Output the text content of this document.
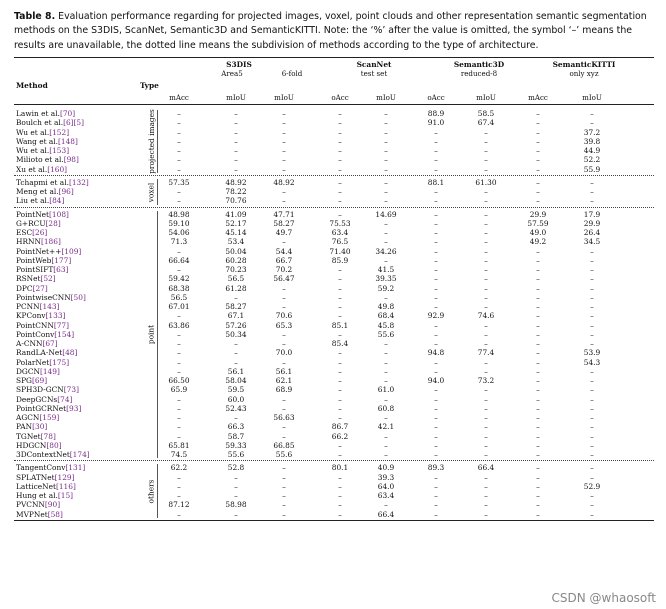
Table 8. Evaluation performance regarding for projected images, voxel, point clouds and other representation semantic segmentation methods on the S3DIS, ScanNet, Semantic3D and SemanticKITTI. Note: the ‘%’ after the value is omitted, the symbol ‘–’ means the results are unavailable, the dotted line means the subdivision of methods according to the type of architecture.
S3DIS
Area5	6-fold
ScanNet
test set
Semantic3D
reduced-8
SemanticKITTI
only xyz
Method	Type
mAcc	mIoU	mIoU	oAcc	mIoU	oAcc	mIoU	mAcc	mIoU
Lawin et al.[70]	–	–	–	–	–	88.9	58.5	–	–
Boulch et al.[6][5]	–	–	–	–	–	91.0	67.4	–	–
Wu et al.[152]	–	–	–	–	–	–	–	–	37.2
Wang et al.[148]	–	–	–	–	–	–	–	–	39.8
Wu et al.[153]	–	–	–	–	–	–	–	–	44.9
Milioto et al.[98]	–	–	–	–	–	–	–	–	52.2
Xu et al.[160]	–	–	–	–	–	–	–	–	55.9
projected images
Tchapmi et al.[132]	57.35	48.92	48.92	–	–	88.1	61.30	–	–
Meng et al.[96]	–	78.22	–	–	–	–	–	–	–
Liu et al.[84]	–	70.76	–	–	–	–	–	–	–
voxel
PointNet[108]	48.98	41.09	47.71	–	14.69	–	–	29.9	17.9
G+RCU[28]	59.10	52.17	58.27	75.53	–	–	–	57.59	29.9
ESC[26]	54.06	45.14	49.7	63.4	–	–	–	49.0	26.4
HRNN[186]	71.3	53.4	–	76.5	–	–	–	49.2	34.5
PointNet++[109]	–	50.04	54.4	71.40	34.26	–	–	–	–
PointWeb[177]	66.64	60.28	66.7	85.9	–	–	–	–	–
PointSIFT[63]	–	70.23	70.2	–	41.5	–	–	–	–
RSNet[52]	59.42	56.5	56.47	–	39.35	–	–	–	–
DPC[27]	68.38	61.28	–	–	59.2	–	–	–	–
PointwiseCNN[50]	56.5	–	–	–	–	–	–	–	–
PCNN[143]	67.01	58.27	–	–	49.8	–	–	–	–
KPConv[133]	–	67.1	70.6	–	68.4	92.9	74.6	–	–
PointCNN[77]	63.86	57.26	65.3	85.1	45.8	–	–	–	–
PointConv[154]	–	50.34	–	–	55.6	–	–	–	–
A-CNN[67]	–	–	–	85.4	–	–	–	–	–
RandLA-Net[48]	–	–	70.0	–	–	94.8	77.4	–	53.9
PolarNet[175]	–	–	–	–	–	–	–	–	54.3
DGCN[149]	–	56.1	56.1	–	–	–	–	–	–
SPG[69]	66.50	58.04	62.1	–	–	94.0	73.2	–	–
SPH3D-GCN[73]	65.9	59.5	68.9	–	61.0	–	–	–	–
DeepGCNs[74]	–	60.0	–	–	–	–	–	–	–
PointGCRNet[93]	–	52.43	–	–	60.8	–	–	–	–
AGCN[159]	–	–	56.63	–	–	–	–	–	–
PAN[30]	–	66.3	–	86.7	42.1	–	–	–	–
TGNet[78]	–	58.7	–	66.2	–	–	–	–	–
HDGCN[80]	65.81	59.33	66.85	–	–	–	–	–	–
3DContextNet[174]	74.5	55.6	55.6	–	–	–	–	–	–
point
TangentConv[131]	62.2	52.8	–	80.1	40.9	89.3	66.4	–	–
SPLATNet[129]	–	–	–	–	39.3	–	–	–	–
LatticeNet[116]	–	–	–	–	64.0	–	–	–	52.9
Hung et al.[15]	–	–	–	–	63.4	–	–	–	–
PVCNN[90]	87.12	58.98	–	–	–	–	–	–	–
MVPNet[58]	–	–	–	–	66.4	–	–	–	–
others
CSDN @whaosoft
